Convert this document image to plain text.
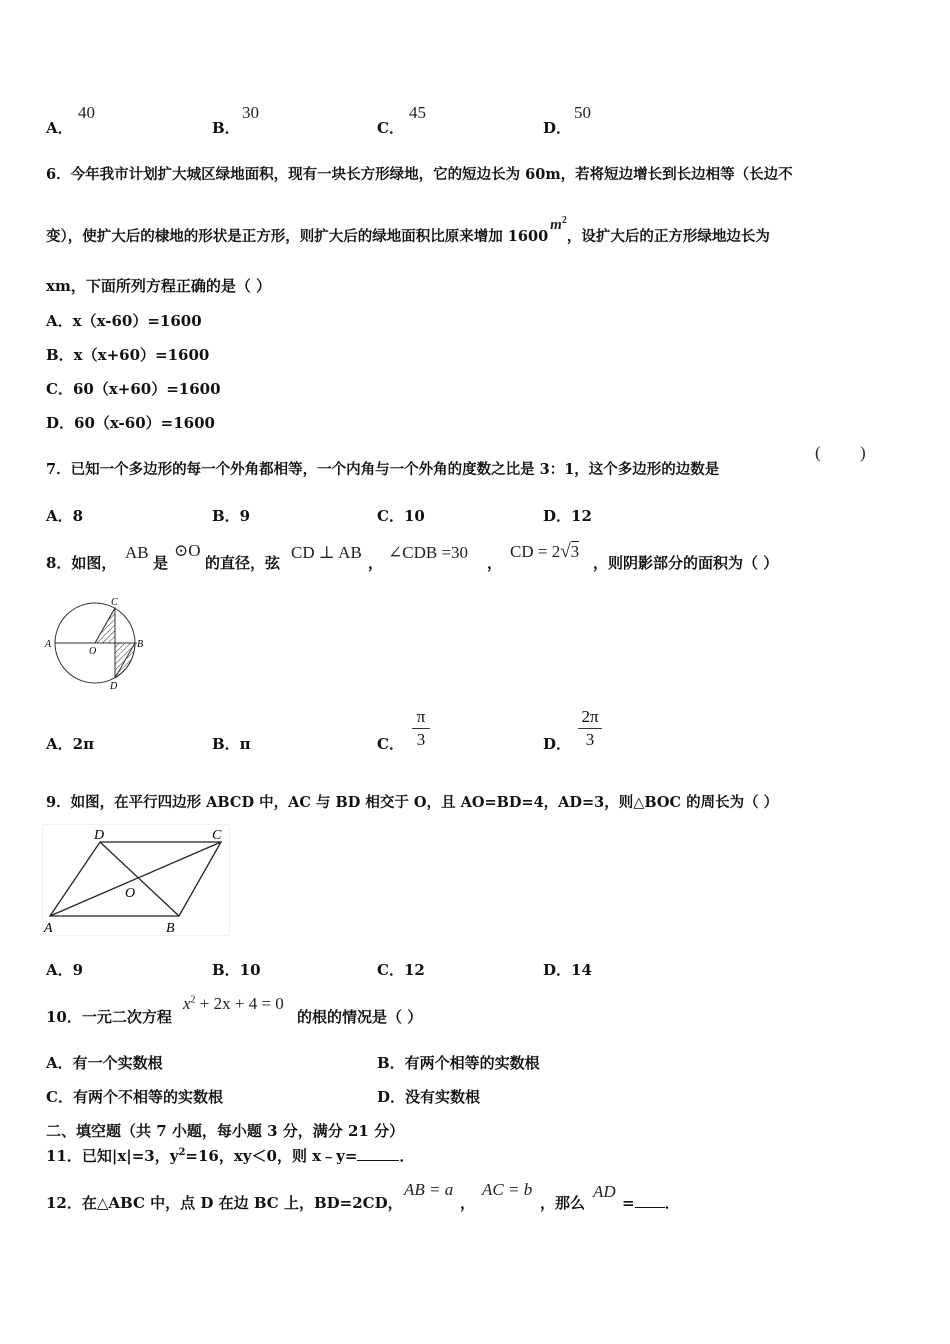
A．
40
B．
30
C．
45
D．
50
6．今年我市计划扩大城区绿地面积，现有一块长方形绿地，它的短边长为 60m，若将短边增长到长边相等（长边不
变），使扩大后的棣地的形状是正方形，则扩大后的绿地面积比原来增加 $1600m^2$，设扩大后的正方形绿地边长为
xm，下面所列方程正确的是（ ）
A．x（x-60）=1600
B．x（x+60）=1600
C．60（x+60）=1600
D．60（x-60）=1600
7．已知一个多边形的每一个外角都相等，一个内角与一个外角的度数之比是 3：1，这个多边形的边数是
( )
A．8	B．9	C．10	D．12
8．如图，
AB
是
⊙O
的直径，弦
CD ⊥ AB
，
∠CDB =30
，
CD = 2√3
，则阴影部分的面积为（ ）
C
A
O
B
D
A．2π	B．π	C．
π
3	D．
2π
3
9．如图，在平行四边形 ABCD 中，AC 与 BD 相交于 O，且 AO=BD=4，AD=3，则△BOC 的周长为（ ）
D	C
O
A	B
A．9	B．10	C．12	D．14
10．一元二次方程
$x^2 + 2x + 4 = 0$
的根的情况是（ ）
A．有一个实数根	B．有两个相等的实数根
C．有两个不相等的实数根	D．没有实数根
二、填空题（共 7 小题，每小题 3 分，满分 21 分）
11．已知|x|=3，$y^2=16$，xy＜0，则 x﹣y=	．
12．在△ABC 中，点 D 在边 BC 上，BD=2CD，
AB = a
，
AC = b
，那么
AD
= ．
